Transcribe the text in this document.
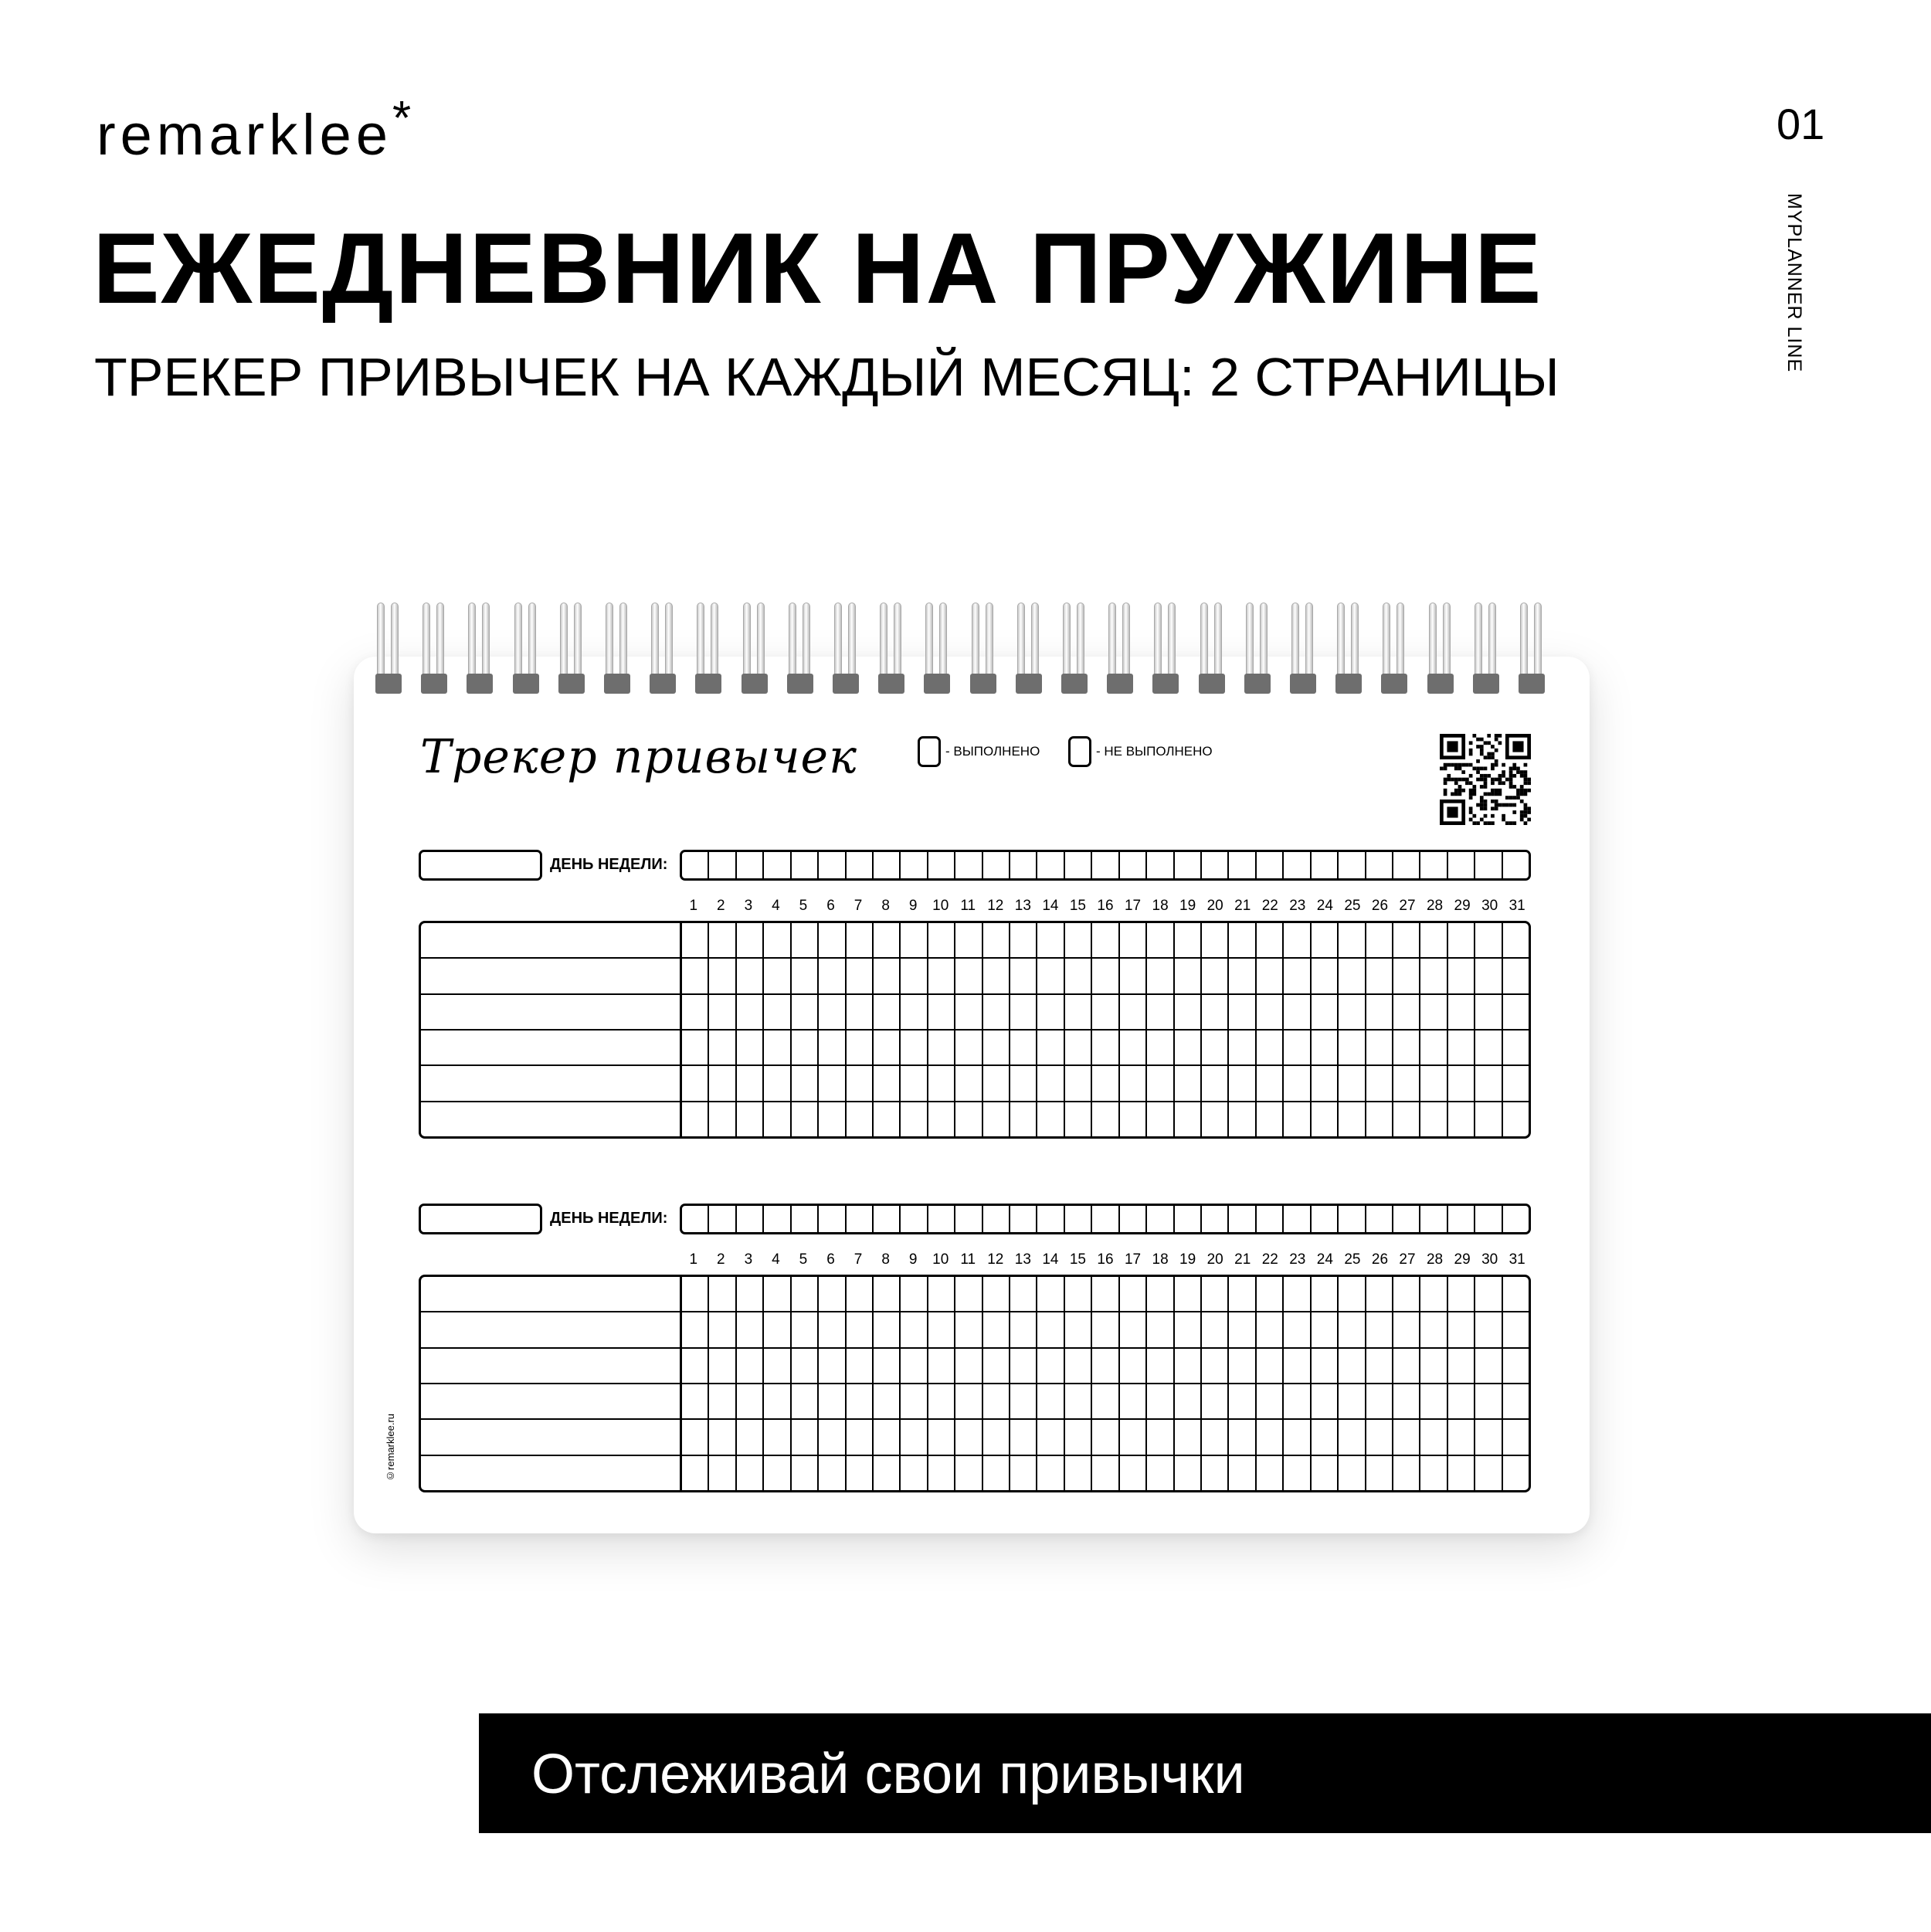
remarklee*	01
MYPLANNER LINE
ЕЖЕДНЕВНИК НА ПРУЖИНЕ
ТРЕКЕР ПРИВЫЧЕК НА КАЖДЫЙ МЕСЯЦ: 2 СТРАНИЦЫ
Трекер привычек	- ВЫПОЛНЕНО	- НЕ ВЫПОЛНЕНО
ДЕНЬ НЕДЕЛИ:
1	2	3	4	5	6	7	8	9	10 11 12 13 14 15 16 17 18 19 20 21 22 23 24 25 26 27 28 29 30 31
ДЕНЬ НЕДЕЛИ:
1	2	3	4	5	6	7	8	9	10 11 12 13 14 15 16 17 18 19 20 21 22 23 24 25 26 27 28 29 30 31
©remarklee.ru
Отслеживай свои привычки
